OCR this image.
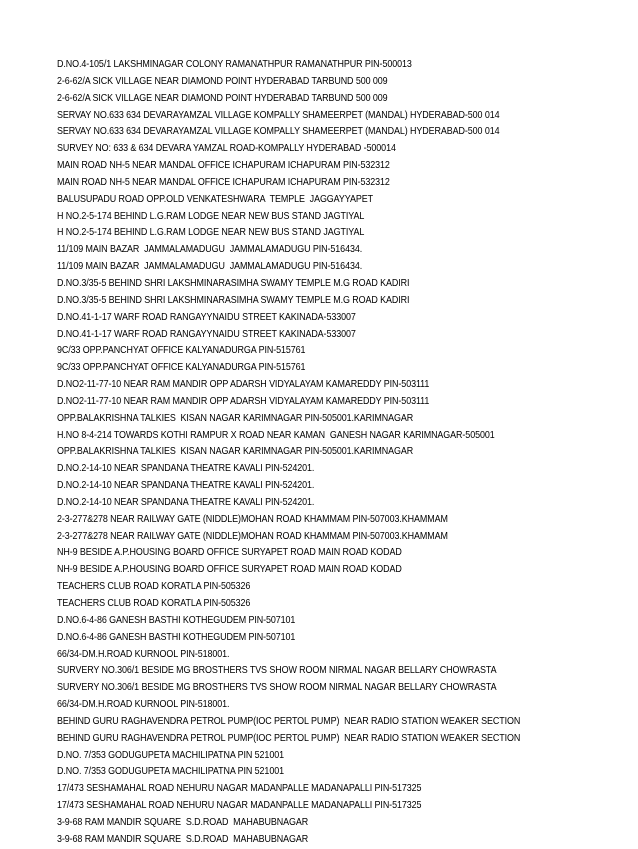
D.NO.4-105/1 LAKSHMINAGAR COLONY RAMANATHPUR RAMANATHPUR PIN-500013
2-6-62/A SICK VILLAGE NEAR DIAMOND POINT HYDERABAD TARBUND 500 009
2-6-62/A SICK VILLAGE NEAR DIAMOND POINT HYDERABAD TARBUND 500 009
SERVAY NO.633 634 DEVARAYAMZAL VILLAGE KOMPALLY SHAMEERPET (MANDAL) HYDERABAD-500 014
SERVAY NO.633 634 DEVARAYAMZAL VILLAGE KOMPALLY SHAMEERPET (MANDAL) HYDERABAD-500 014
SURVEY NO: 633 & 634 DEVARA YAMZAL ROAD-KOMPALLY HYDERABAD -500014
MAIN ROAD NH-5 NEAR MANDAL OFFICE ICHAPURAM ICHAPURAM PIN-532312
MAIN ROAD NH-5 NEAR MANDAL OFFICE ICHAPURAM ICHAPURAM PIN-532312
BALUSUPADU ROAD OPP.OLD VENKATESHWARA  TEMPLE  JAGGAYYAPET
H NO.2-5-174 BEHIND L.G.RAM LODGE NEAR NEW BUS STAND JAGTIYAL
H NO.2-5-174 BEHIND L.G.RAM LODGE NEAR NEW BUS STAND JAGTIYAL
11/109 MAIN BAZAR  JAMMALAMADUGU  JAMMALAMADUGU PIN-516434.
11/109 MAIN BAZAR  JAMMALAMADUGU  JAMMALAMADUGU PIN-516434.
D.NO.3/35-5 BEHIND SHRI LAKSHMINARASIMHA SWAMY TEMPLE M.G ROAD KADIRI
D.NO.3/35-5 BEHIND SHRI LAKSHMINARASIMHA SWAMY TEMPLE M.G ROAD KADIRI
D.NO.41-1-17 WARF ROAD RANGAYYNAIDU STREET KAKINADA-533007
D.NO.41-1-17 WARF ROAD RANGAYYNAIDU STREET KAKINADA-533007
9C/33 OPP.PANCHYAT OFFICE KALYANADURGA PIN-515761
9C/33 OPP.PANCHYAT OFFICE KALYANADURGA PIN-515761
D.NO2-11-77-10 NEAR RAM MANDIR OPP ADARSH VIDYALAYAM KAMAREDDY PIN-503111
D.NO2-11-77-10 NEAR RAM MANDIR OPP ADARSH VIDYALAYAM KAMAREDDY PIN-503111
OPP.BALAKRISHNA TALKIES  KISAN NAGAR KARIMNAGAR PIN-505001.KARIMNAGAR
H.NO 8-4-214 TOWARDS KOTHI RAMPUR X ROAD NEAR KAMAN  GANESH NAGAR KARIMNAGAR-505001
OPP.BALAKRISHNA TALKIES  KISAN NAGAR KARIMNAGAR PIN-505001.KARIMNAGAR
D.NO.2-14-10 NEAR SPANDANA THEATRE KAVALI PIN-524201.
D.NO.2-14-10 NEAR SPANDANA THEATRE KAVALI PIN-524201.
D.NO.2-14-10 NEAR SPANDANA THEATRE KAVALI PIN-524201.
2-3-277&278 NEAR RAILWAY GATE (NIDDLE)MOHAN ROAD KHAMMAM PIN-507003.KHAMMAM
2-3-277&278 NEAR RAILWAY GATE (NIDDLE)MOHAN ROAD KHAMMAM PIN-507003.KHAMMAM
NH-9 BESIDE A.P.HOUSING BOARD OFFICE SURYAPET ROAD MAIN ROAD KODAD
NH-9 BESIDE A.P.HOUSING BOARD OFFICE SURYAPET ROAD MAIN ROAD KODAD
TEACHERS CLUB ROAD KORATLA PIN-505326
TEACHERS CLUB ROAD KORATLA PIN-505326
D.NO.6-4-86 GANESH BASTHI KOTHEGUDEM PIN-507101
D.NO.6-4-86 GANESH BASTHI KOTHEGUDEM PIN-507101
66/34-DM.H.ROAD KURNOOL PIN-518001.
SURVERY NO.306/1 BESIDE MG BROSTHERS TVS SHOW ROOM NIRMAL NAGAR BELLARY CHOWRASTA
SURVERY NO.306/1 BESIDE MG BROSTHERS TVS SHOW ROOM NIRMAL NAGAR BELLARY CHOWRASTA
66/34-DM.H.ROAD KURNOOL PIN-518001.
BEHIND GURU RAGHAVENDRA PETROL PUMP(IOC PERTOL PUMP)  NEAR RADIO STATION WEAKER SECTION
BEHIND GURU RAGHAVENDRA PETROL PUMP(IOC PERTOL PUMP)  NEAR RADIO STATION WEAKER SECTION
D.NO. 7/353 GODUGUPETA MACHILIPATNA PIN 521001
D.NO. 7/353 GODUGUPETA MACHILIPATNA PIN 521001
17/473 SESHAMAHAL ROAD NEHURU NAGAR MADANPALLE MADANAPALLI PIN-517325
17/473 SESHAMAHAL ROAD NEHURU NAGAR MADANPALLE MADANAPALLI PIN-517325
3-9-68 RAM MANDIR SQUARE  S.D.ROAD  MAHABUBNAGAR
3-9-68 RAM MANDIR SQUARE  S.D.ROAD  MAHABUBNAGAR
